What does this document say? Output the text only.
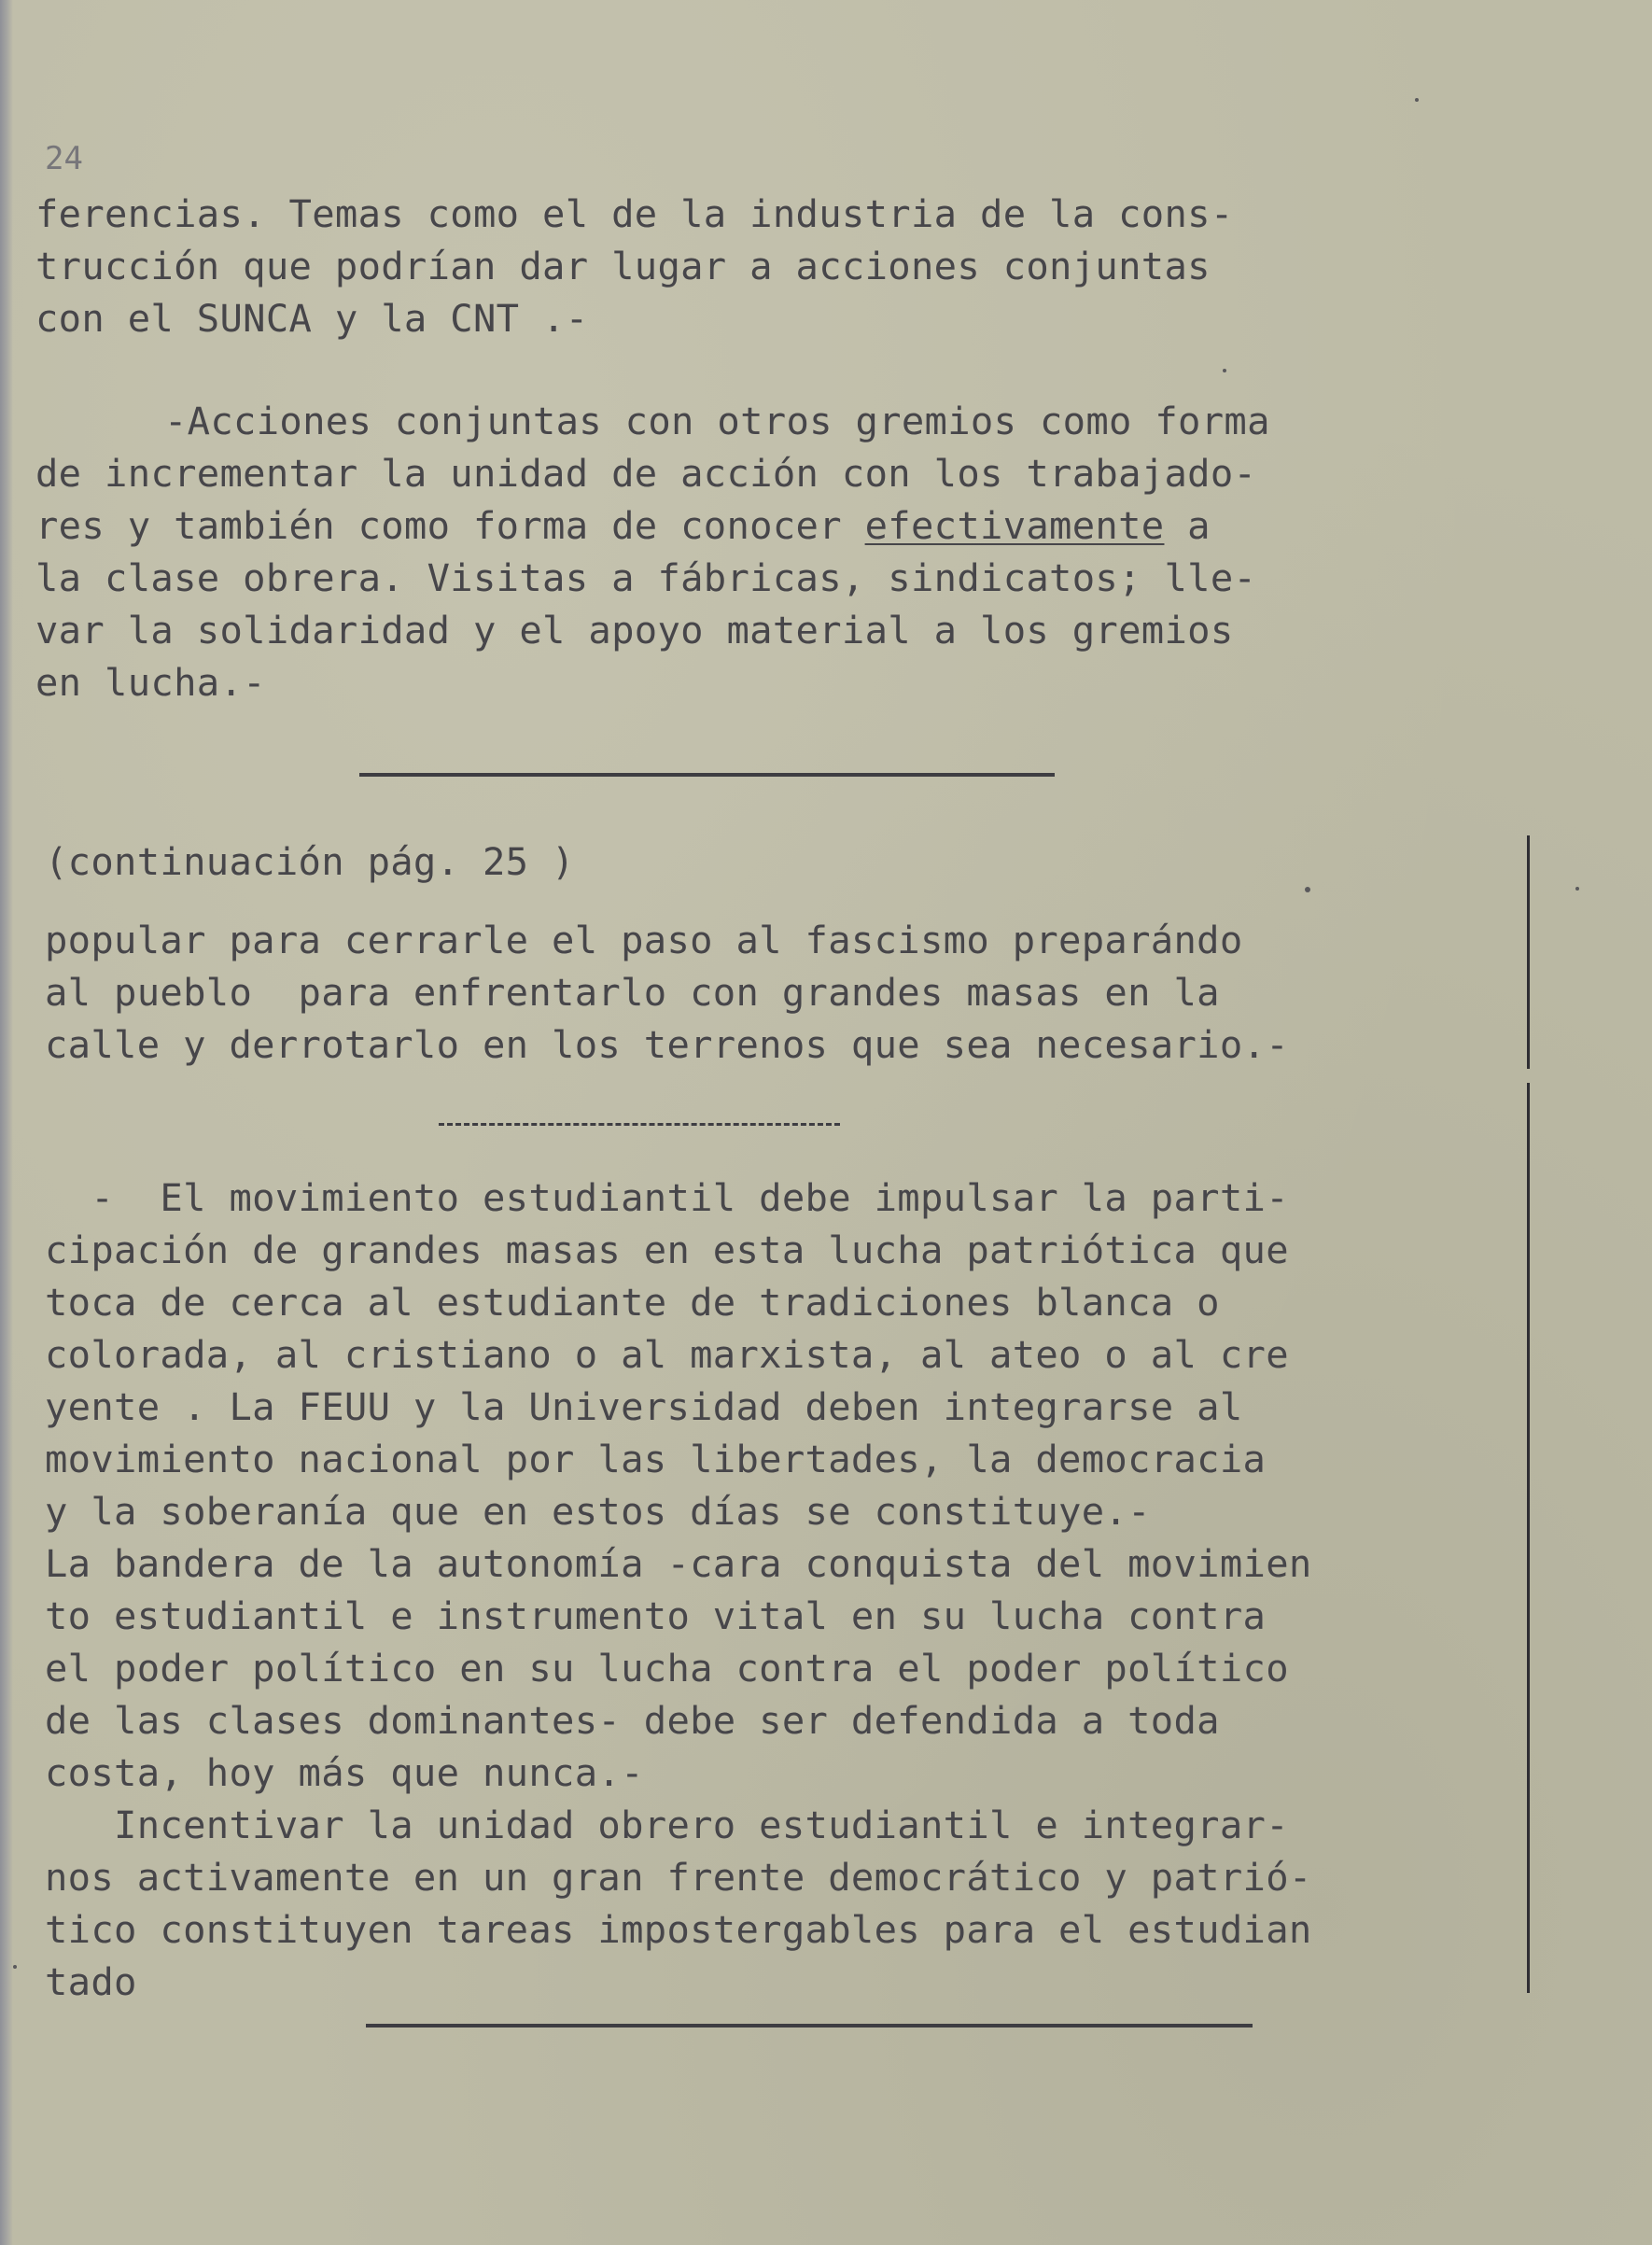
24

ferencias. Temas como el de la industria de la cons-

trucción que podrían dar lugar a acciones conjuntas

con el SUNCA y la CNT .-

-Acciones conjuntas con otros gremios como forma

de incrementar la unidad de acción con los trabajado-

res y también como forma de conocer efectivamente a

la clase obrera. Visitas a fábricas, sindicatos; lle-

var la solidaridad y el apoyo material a los gremios

en lucha.-

(continuación pág. 25 )

popular para cerrarle el paso al fascismo preparándo

al pueblo  para enfrentarlo con grandes masas en la

calle y derrotarlo en los terrenos que sea necesario.-

-  El movimiento estudiantil debe impulsar la parti-

cipación de grandes masas en esta lucha patriótica que

toca de cerca al estudiante de tradiciones blanca o

colorada, al cristiano o al marxista, al ateo o al cre

yente . La FEUU y la Universidad deben integrarse al

movimiento nacional por las libertades, la democracia

y la soberanía que en estos días se constituye.-

La bandera de la autonomía -cara conquista del movimien

to estudiantil e instrumento vital en su lucha contra

el poder político en su lucha contra el poder político

de las clases dominantes- debe ser defendida a toda

costa, hoy más que nunca.-

Incentivar la unidad obrero estudiantil e integrar-

nos activamente en un gran frente democrático y patrió-

tico constituyen tareas impostergables para el estudian

tado
